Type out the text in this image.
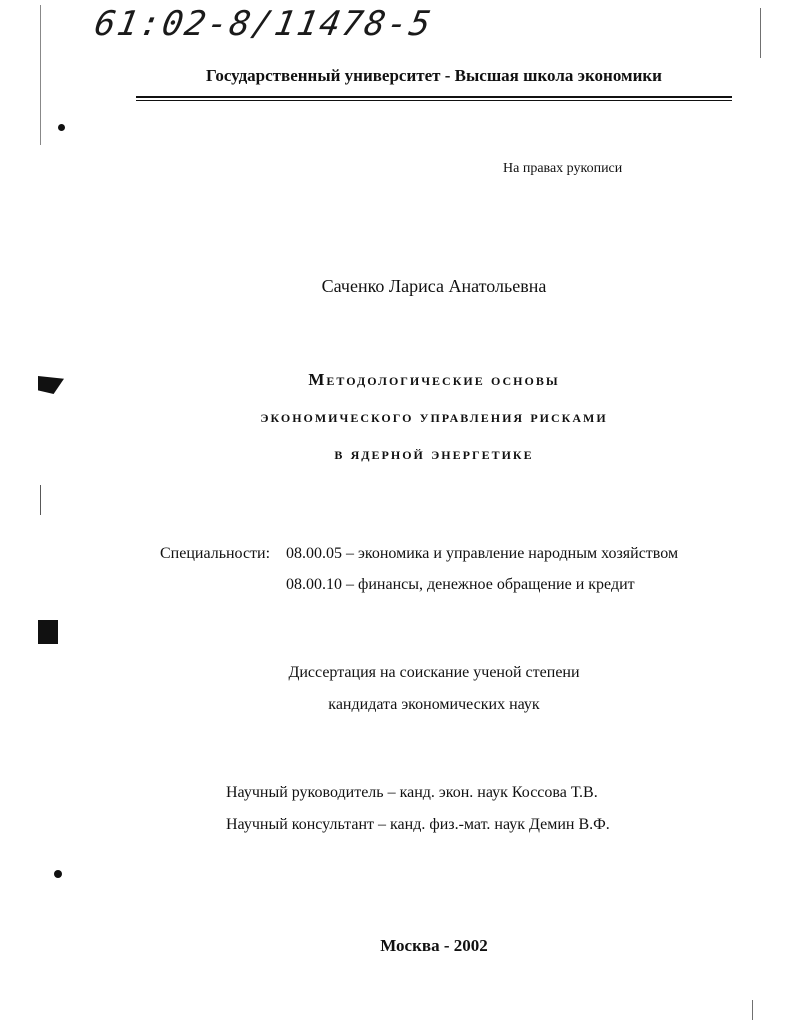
61:02-8/11478-5
Государственный университет - Высшая школа экономики
На правах рукописи
Саченко Лариса Анатольевна
Методологические основы
экономического управления рисками
в ядерной энергетике
Специальности: 08.00.05 – экономика и управление народным хозяйством
08.00.10 – финансы, денежное обращение и кредит
Диссертация на соискание ученой степени
кандидата экономических наук
Научный руководитель – канд. экон. наук Коссова Т.В.
Научный консультант – канд. физ.-мат. наук Демин В.Ф.
Москва - 2002
